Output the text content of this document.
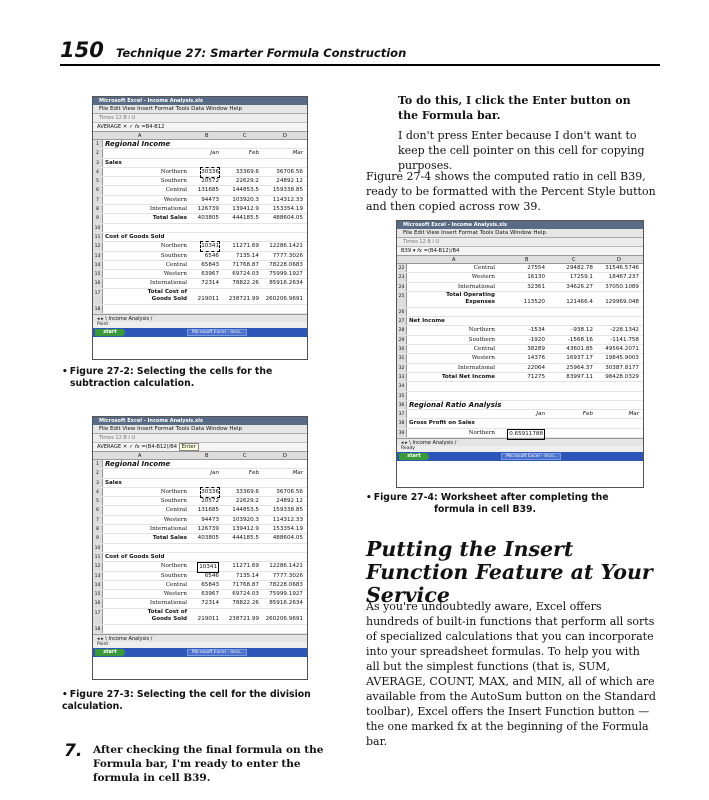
150 Technique 27: Smarter Formula Construction
Microsoft Excel - Income Analysis.xls
File Edit View Insert Format Tools Data Window Help
Times 12 B I U
AVERAGE ✕ ✓ fx =B4-B12
A	B	C	D
1 Regional Income
2	Jan	Feb	Mar
3	Sales
4	Northern	30336	33369.6	36706.56
5	Southern	20572	22629.2	24892.12
6	Central 131685 144853.5 159338.85
7	Western	94473 103920.3 114312.33
8	International 126739 139412.9 153354.19
9	Total Sales 403805 444185.5 488604.05
10
11 Cost of Goods Sold
12	Northern	10341 11271.69 12286.1421
13	Southern	6546	7135.14 7777.3026
14	Central	65843 71768.87 78228.0683
15	Western	63967 69724.03 75999.1927
16	International	72314 78822.26 85916.2634
17	Total Cost of Goods Sold 219011 238721.99 260206.9691
18
◂ ▸ \ Income Analysis /
Point
start	Microsoft Excel - Inco...
• Figure 27-2: Selecting the cells for the subtraction calculation.
Microsoft Excel - Income Analysis.xls
File Edit View Insert Format Tools Data Window Help
Times 12 B I U
AVERAGE ✕ ✓ fx =(B4-B12)/B4 Enter
A	B	C	D
1 Regional Income
2	Jan	Feb	Mar
3	Sales
4	Northern	30336	33369.6	36706.56
5	Southern	20572	22629.2	24892.12
6	Central 131685 144853.5 159338.85
7	Western	94473 103920.3 114312.33
8	International 126739 139412.9 153354.19
9	Total Sales 403805 444185.5 488604.05
10
11 Cost of Goods Sold
12	Northern	10341	11271.69 12286.1421
13	Southern	6546	7135.14 7777.3026
14	Central	65843 71768.87 78228.0683
15	Western	63967 69724.03 75999.1927
16	International	72314 78822.26 85916.2634
17	Total Cost of Goods Sold 219011 238721.99 260206.9691
18
◂ ▸ \ Income Analysis /
Point
start	Microsoft Excel - Inco...
• Figure 27-3: Selecting the cell for the division calculation.
7. After checking the final formula on the Formula bar, I'm ready to enter the formula in cell B39.
To do this, I click the Enter button on the Formula bar.
I don't press Enter because I don't want to keep the cell pointer on this cell for copying purposes.
Figure 27-4 shows the computed ratio in cell B39, ready to be formatted with the Percent Style button and then copied across row 39.
Microsoft Excel - Income Analysis.xls
File Edit View Insert Format Tools Data Window Help
Times 12 B I U
B39 ▾ fx =(B4-B12)/B4
A	B	C	D
22	Central	27554	29482.78 31546.5746
23	Western	16130	17259.1	18467.237
24	International	32361	34626.27 37050.1089
25	Total Operating Expenses	113520	121466.4 129969.048
26
27 Net Income
28	Northern	-1534	-938.12	-228.1342
29	Southern	-1920	-1568.16	-1141.758
30	Central	38289	43601.85 49564.2071
31	Western	14376	16937.17 19845.9003
32	International	22064	25964.37 30387.8177
33	Total Net Income	71275	83997.11 98428.0329
34
35
36 Regional Ratio Analysis
37	Jan	Feb	Mar
38 Gross Profit on Sales
39	Northern	0.65911788
◂ ▸ \ Income Analysis /
Ready
start	Microsoft Excel - Inco...
• Figure 27-4: Worksheet after completing the formula in cell B39.
Putting the Insert Function Feature at Your Service
As you're undoubtedly aware, Excel offers hundreds of built-in functions that perform all sorts of specialized calculations that you can incorporate into your spreadsheet formulas. To help you with all but the simplest functions (that is, SUM, AVERAGE, COUNT, MAX, and MIN, all of which are available from the AutoSum button on the Standard toolbar), Excel offers the Insert Function button — the one marked fx at the beginning of the Formula bar.
